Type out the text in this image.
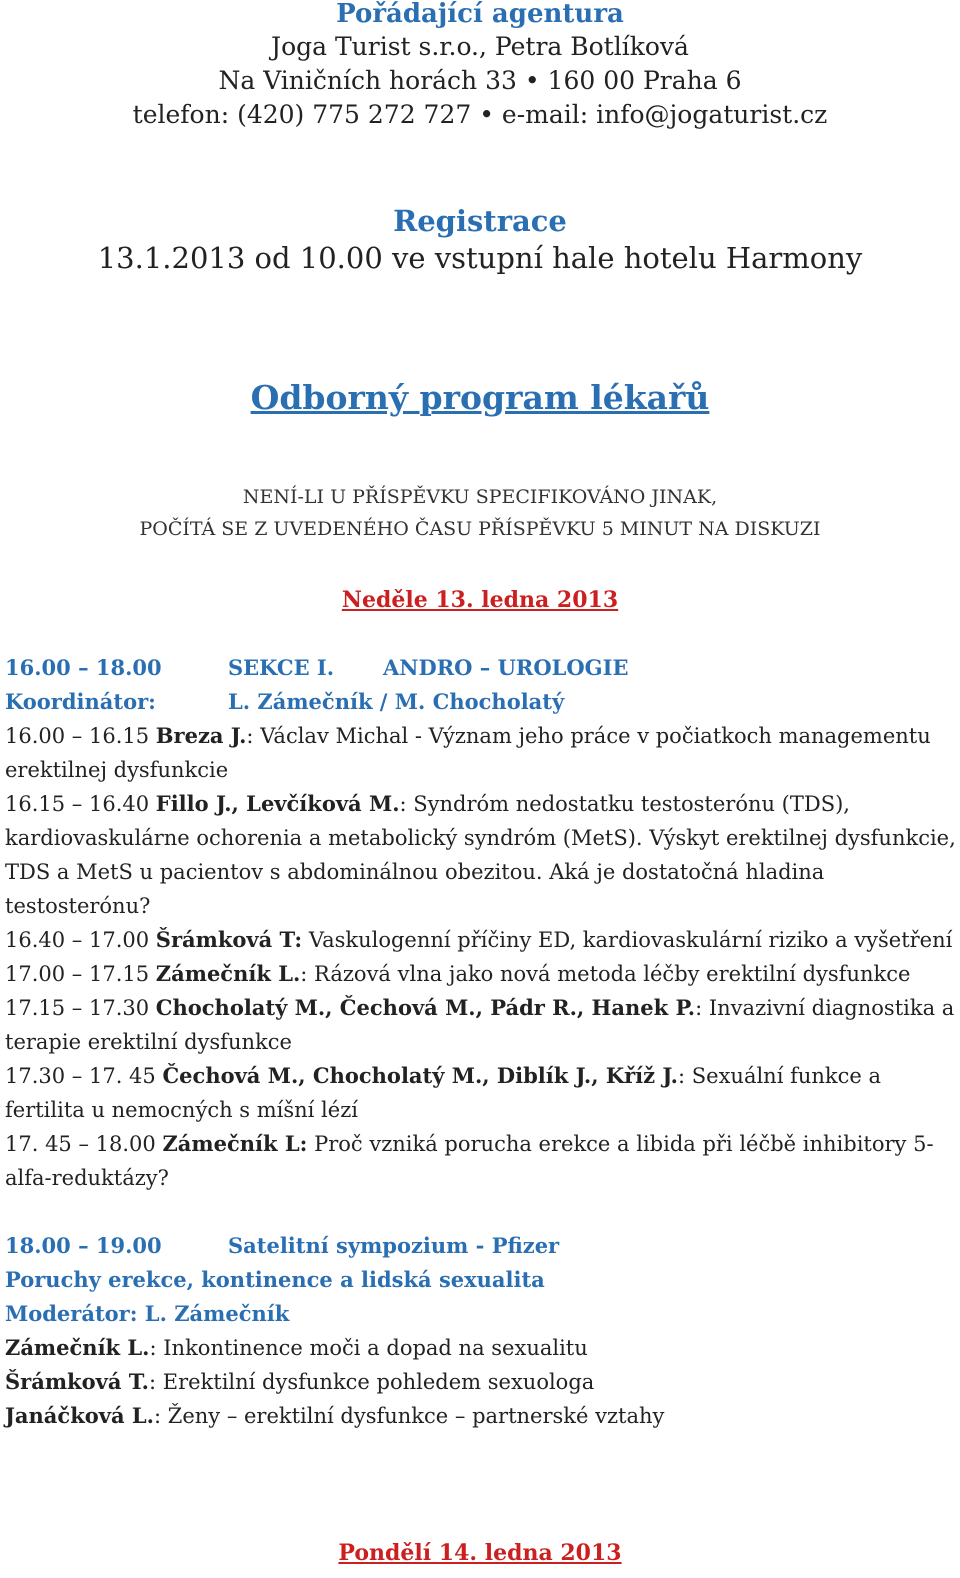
Pořádající agentura
Joga Turist s.r.o., Petra Botlíková
Na Viničních horách 33 • 160 00 Praha 6
telefon: (420) 775 272 727 • e-mail: info@jogaturist.cz
Registrace
13.1.2013 od 10.00 ve vstupní hale hotelu Harmony
Odborný program lékařů
NENÍ-LI U PŘÍSPĚVKU SPECIFIKOVÁNO JINAK,
POČÍTÁ SE Z UVEDENÉHO ČASU PŘÍSPĚVKU 5 MINUT NA DISKUZI
Neděle 13. ledna 2013
16.00 – 18.00	SEKCE I.	ANDRO – UROLOGIE
Koordinátor:	L. Zámečník / M. Chocholatý

16.00 – 16.15 Breza J.: Václav Michal - Význam jeho práce v počiatkoch managementu erektilnej dysfunkcie

16.15 – 16.40 Fillo J., Levčíková M.: Syndróm nedostatku testosterónu (TDS), kardiovaskulárne ochorenia a metabolický syndróm (MetS). Výskyt erektilnej dysfunkcie, TDS a MetS u pacientov s abdominálnou obezitou. Aká je dostatočná hladina testosterónu?

16.40 – 17.00 Šrámková T: Vaskulogenní příčiny ED, kardiovaskulární riziko a vyšetření

17.00 – 17.15 Zámečník L.: Rázová vlna jako nová metoda léčby erektilní dysfunkce

17.15 – 17.30 Chocholatý M., Čechová M., Pádr R., Hanek P.: Invazivní diagnostika a terapie erektilní dysfunkce

17.30 – 17. 45 Čechová M., Chocholatý M., Diblík J., Kříž J.: Sexuální funkce a fertilita u nemocných s míšní lézí

17. 45 – 18.00 Zámečník L: Proč vzniká porucha erekce a libida při léčbě inhibitory 5-alfa-reduktázy?

18.00 – 19.00	Satelitní sympozium - Pfizer
Poruchy erekce, kontinence a lidská sexualita
Moderátor: L. Zámečník

Zámečník L.: Inkontinence moči a dopad na sexualitu

Šrámková T.: Erektilní dysfunkce pohledem sexuologa

Janáčková L.: Ženy – erektilní dysfunkce – partnerské vztahy

Pondělí 14. ledna 2013
